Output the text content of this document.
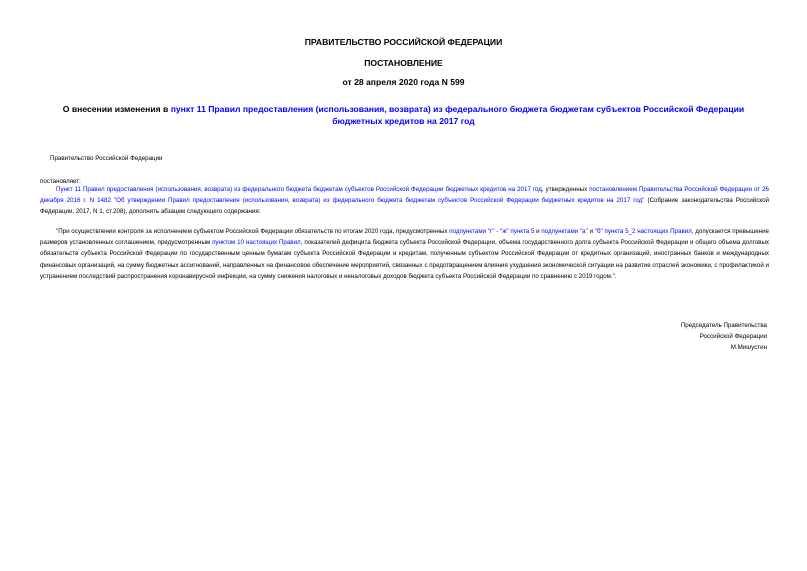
ПРАВИТЕЛЬСТВО РОССИЙСКОЙ ФЕДЕРАЦИИ
ПОСТАНОВЛЕНИЕ
от 28 апреля 2020 года N 599
О внесении изменения в пункт 11 Правил предоставления (использования, возврата) из федерального бюджета бюджетам субъектов Российской Федерации бюджетных кредитов на 2017 год
Правительство Российской Федерации
постановляет:
Пункт 11 Правил предоставления (использования, возврата) из федерального бюджета бюджетам субъектов Российской Федерации бюджетных кредитов на 2017 год, утвержденных постановлением Правительства Российской Федерации от 26 декабря 2016 г. N 1482 "Об утверждении Правил предоставления (использования, возврата) из федерального бюджета бюджетам субъектов Российской Федерации бюджетных кредитов на 2017 год" (Собрание законодательства Российской Федерации, 2017, N 1, ст.208), дополнить абзацем следующего содержания:
"При осуществлении контроля за исполнением субъектом Российской Федерации обязательств по итогам 2020 года, предусмотренных подпунктами "г" - "ж" пункта 5 и подпунктами "а" и "б" пункта 5_2 настоящих Правил, допускается превышение размеров установленных соглашением, предусмотренным пунктом 10 настоящих Правил, показателей дефицита бюджета субъекта Российской Федерации, объема государственного долга субъекта Российской Федерации и общего объема долговых обязательств субъекта Российской Федерации по государственным ценным бумагам субъекта Российской Федерации и кредитам, полученным субъектом Российской Федерации от кредитных организаций, иностранных банков и международных финансовых организаций, на сумму бюджетных ассигнований, направленных на финансовое обеспечение мероприятий, связанных с предотвращением влияния ухудшения экономической ситуации на развитие отраслей экономики, с профилактикой и устранением последствий распространения коронавирусной инфекции, на сумму снижения налоговых и неналоговых доходов бюджета субъекта Российской Федерации по сравнению с 2019 годом.".
Председатель Правительства
Российской Федерации
М.Мишустин
